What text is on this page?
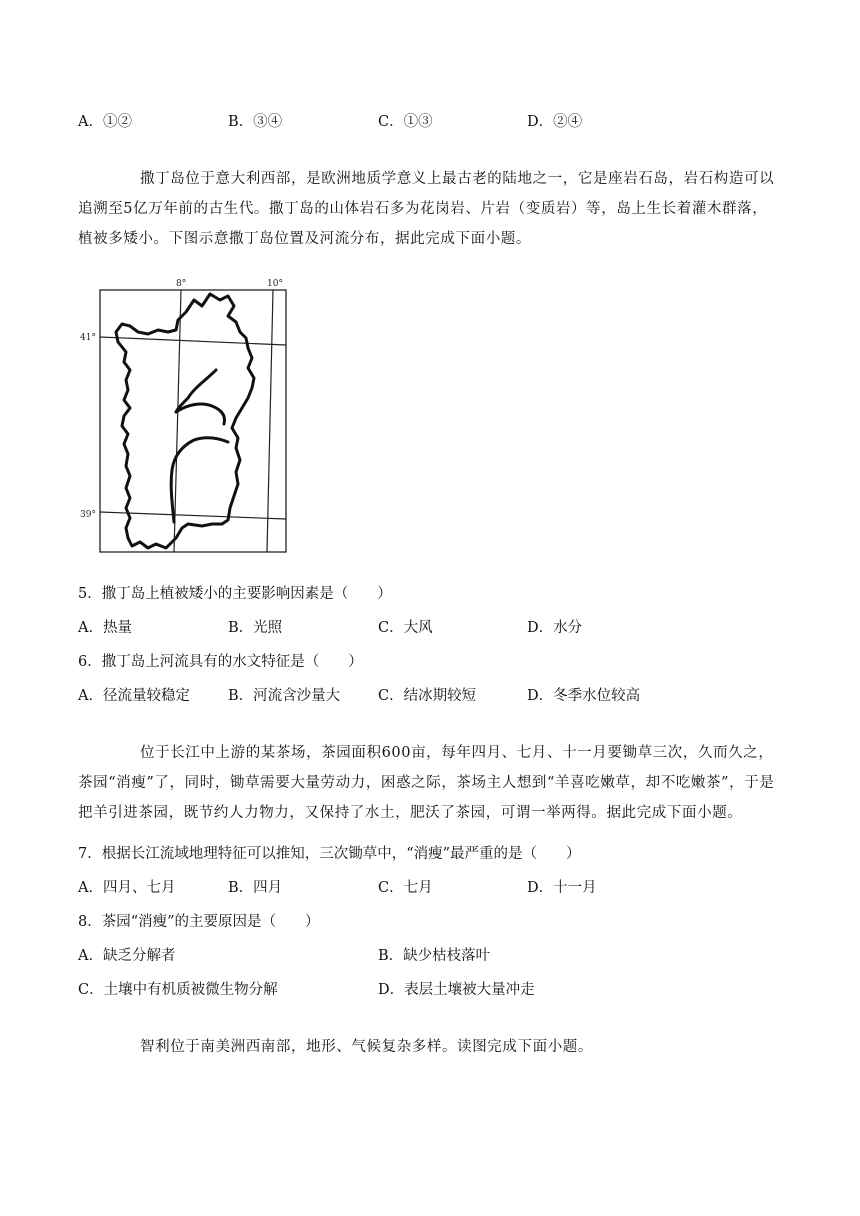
A．①②	B．③④	C．①③	D．②④
撒丁岛位于意大利西部，是欧洲地质学意义上最古老的陆地之一，它是座岩石岛，岩石构造可以追溯至5亿万年前的古生代。撒丁岛的山体岩石多为花岗岩、片岩（变质岩）等，岛上生长着灌木群落，植被多矮小。下图示意撒丁岛位置及河流分布，据此完成下面小题。
8°	10°
41°
39°
5．撒丁岛上植被矮小的主要影响因素是（　　）
A．热量	B．光照	C．大风	D．水分
6．撒丁岛上河流具有的水文特征是（　　）
A．径流量较稳定	B．河流含沙量大	C．结冰期较短	D．冬季水位较高
位于长江中上游的某茶场，茶园面积600亩，每年四月、七月、十一月要锄草三次，久而久之，茶园“消瘦”了，同时，锄草需要大量劳动力，困惑之际，茶场主人想到“羊喜吃嫩草，却不吃嫩茶”，于是把羊引进茶园，既节约人力物力，又保持了水土，肥沃了茶园，可谓一举两得。据此完成下面小题。
7．根据长江流域地理特征可以推知，三次锄草中，“消瘦”最严重的是（　　）
A．四月、七月	B．四月	C．七月	D．十一月
8．茶园“消瘦”的主要原因是（　　）
A．缺乏分解者	B．缺少枯枝落叶
C．土壤中有机质被微生物分解	D．表层土壤被大量冲走
智利位于南美洲西南部，地形、气候复杂多样。读图完成下面小题。
